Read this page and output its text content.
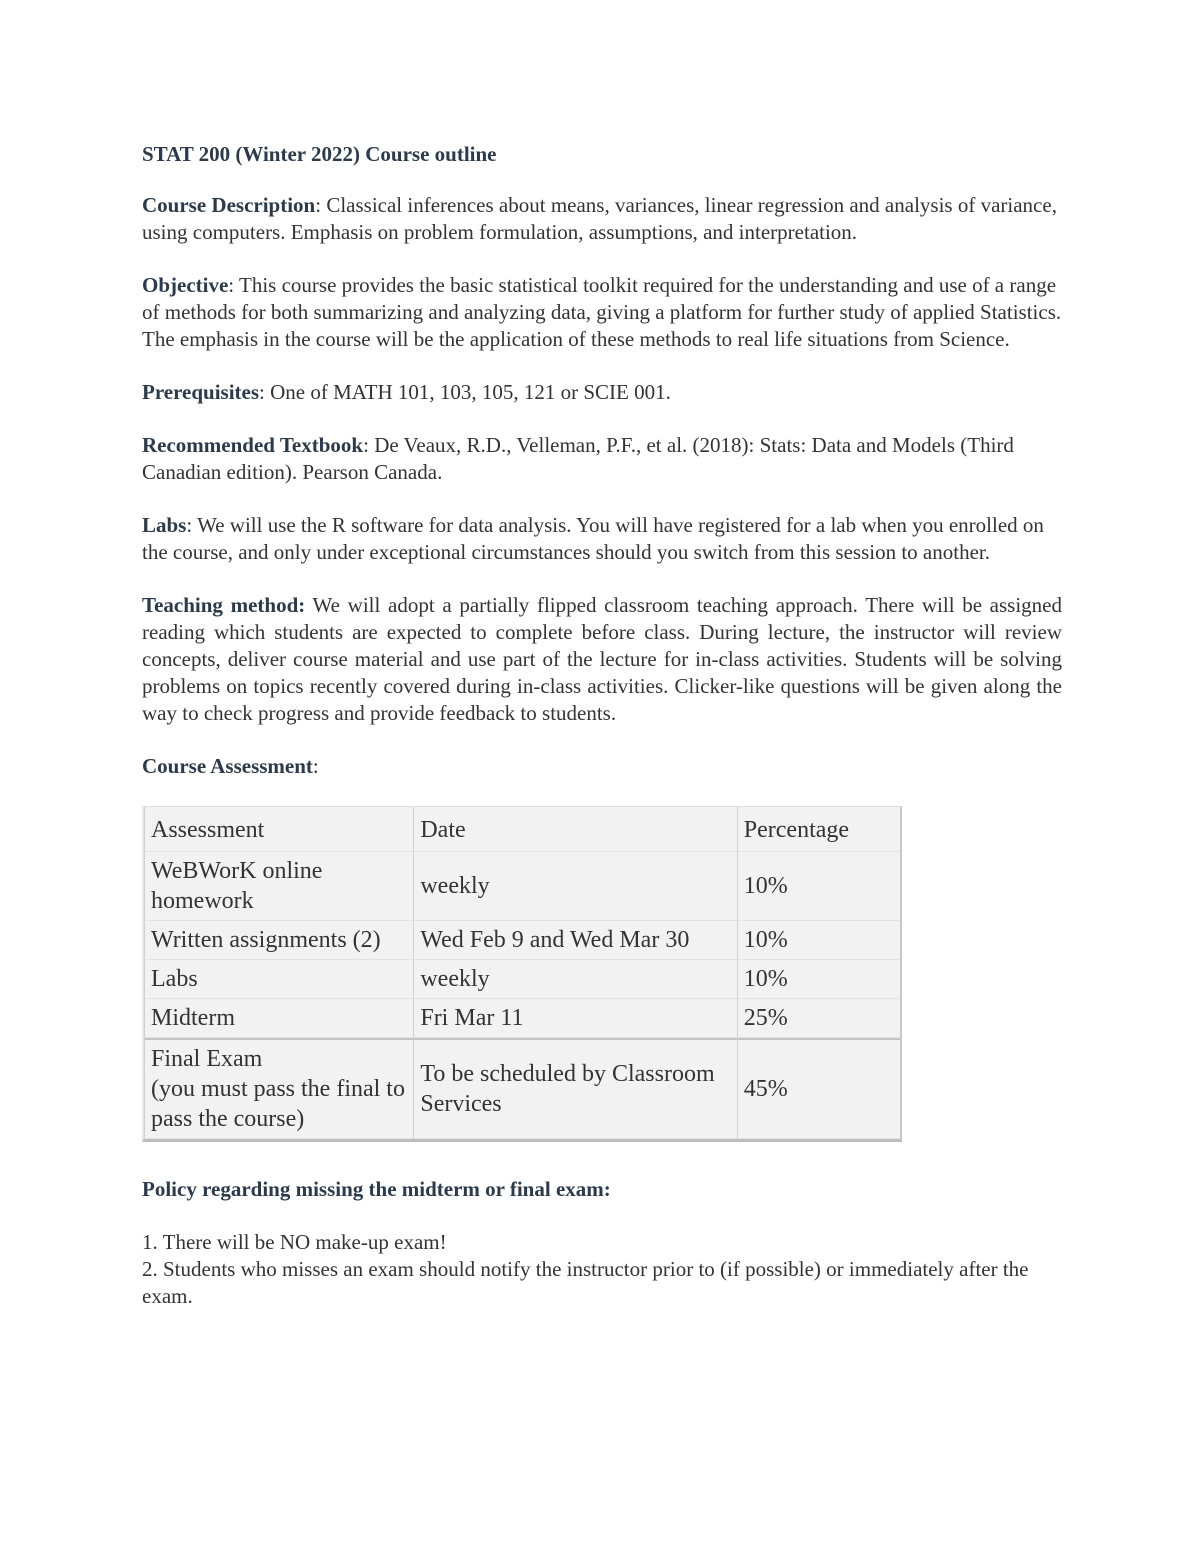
STAT 200 (Winter 2022) Course outline

Course Description: Classical inferences about means, variances, linear regression and analysis of variance, using computers. Emphasis on problem formulation, assumptions, and interpretation.

Objective: This course provides the basic statistical toolkit required for the understanding and use of a range of methods for both summarizing and analyzing data, giving a platform for further study of applied Statistics. The emphasis in the course will be the application of these methods to real life situations from Science.

Prerequisites: One of MATH 101, 103, 105, 121 or SCIE 001.

Recommended Textbook: De Veaux, R.D., Velleman, P.F., et al. (2018): Stats: Data and Models (Third Canadian edition). Pearson Canada.

Labs: We will use the R software for data analysis. You will have registered for a lab when you enrolled on the course, and only under exceptional circumstances should you switch from this session to another.

Teaching method: We will adopt a partially flipped classroom teaching approach. There will be assigned reading which students are expected to complete before class. During lecture, the instructor will review concepts, deliver course material and use part of the lecture for in-class activities. Students will be solving problems on topics recently covered during in-class activities. Clicker-like questions will be given along the way to check progress and provide feedback to students.

Course Assessment:

Assessment	Date	Percentage
WeBWorK online homework	weekly	10%
Written assignments (2)	Wed Feb 9 and Wed Mar 30	10%
Labs	weekly	10%
Midterm	Fri Mar 11	25%
Final Exam
(you must pass the final to pass the course)	To be scheduled by Classroom Services	45%
Policy regarding missing the midterm or final exam:
1. There will be NO make-up exam!
2. Students who misses an exam should notify the instructor prior to (if possible) or immediately after the exam.
